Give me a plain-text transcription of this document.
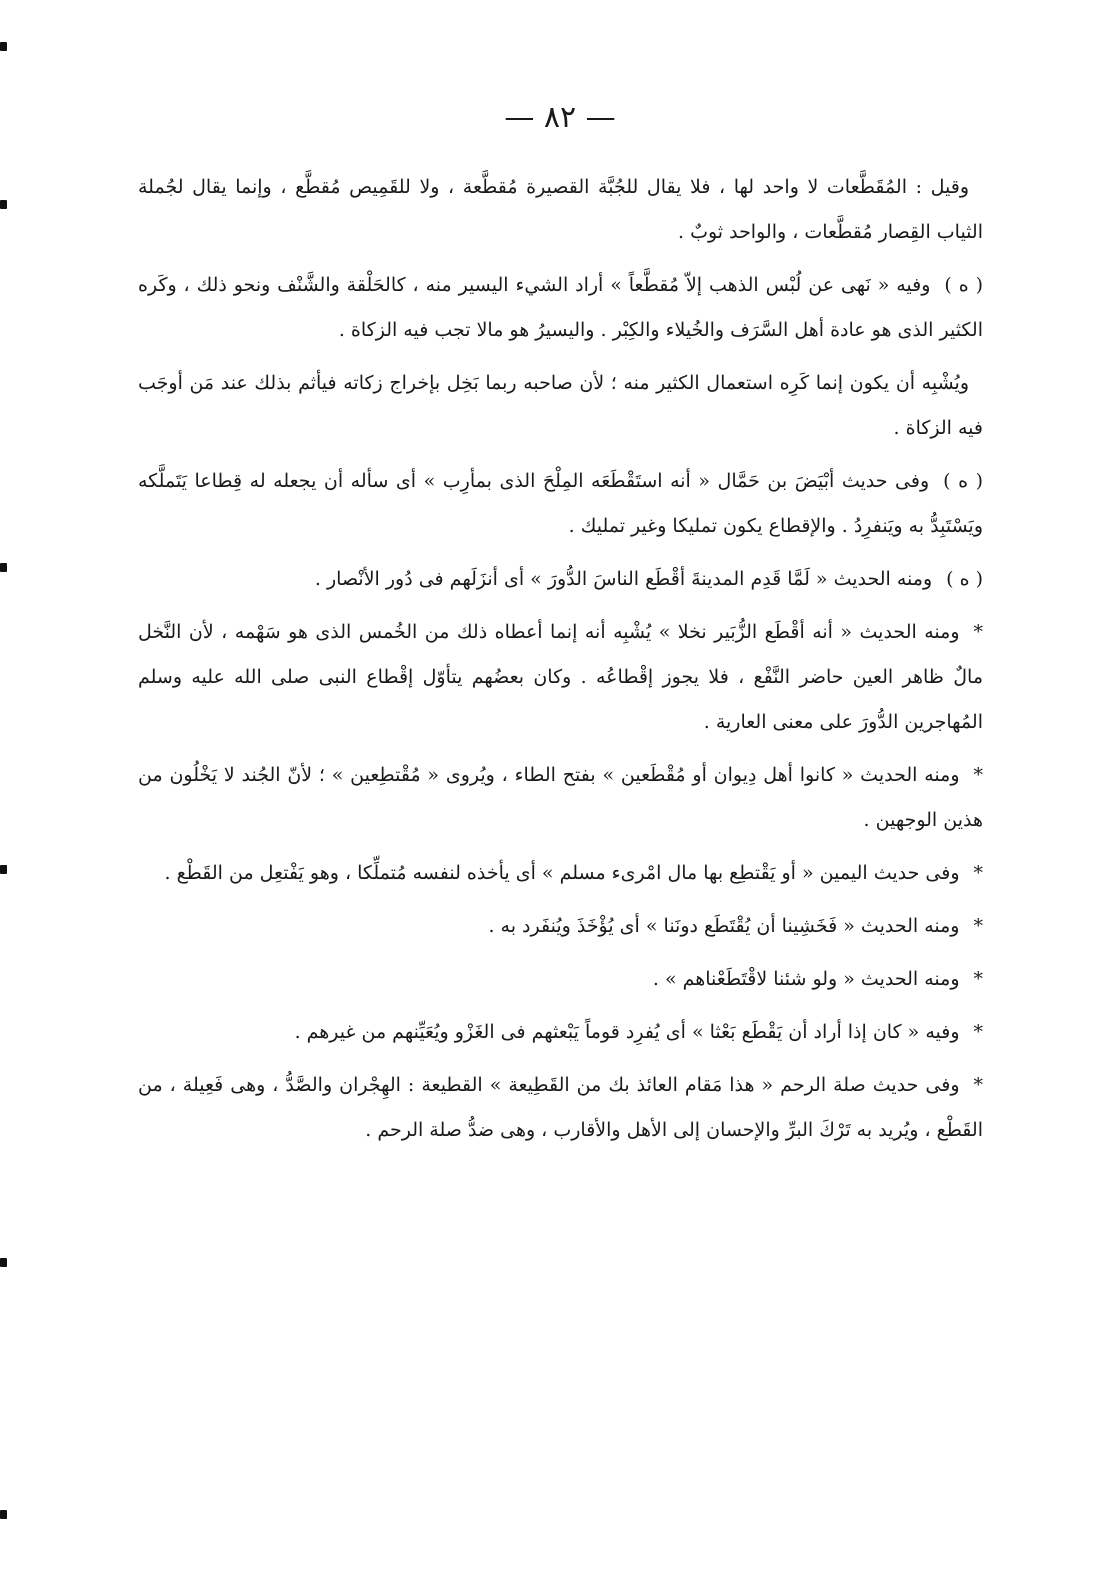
— ٨٢ —

وقيل : المُقَطَّعات لا واحد لها ، فلا يقال للجُبَّة القصيرة مُقطَّعة ، ولا للقَمِيص مُقطَّع ، وإنما يقال لجُملة الثياب القِصار مُقطَّعات ، والواحد ثوبٌ .

( ه )وفيه « نَهى عن لُبْس الذهب إلاّ مُقطَّعاً » أراد الشيء اليسير منه ، كالحَلْقة والشَّنْف ونحو ذلك ، وكَره الكثير الذى هو عادة أهل السَّرَف والخُيلاء والكِبْر . واليسيرُ هو مالا تجب فيه الزكاة .

ويُشْبِه أن يكون إنما كَرِه استعمال الكثير منه ؛ لأن صاحبه ربما بَخِل بإخراج زكاته فيأثم بذلك عند مَن أوجَب فيه الزكاة .

( ه )وفى حديث أبْيَضَ بن حَمَّال « أنه استَقْطَعَه المِلْحَ الذى بمأرِب » أى سأله أن يجعله له قِطاعا يَتَملَّكه ويَسْتَبِدُّ به ويَنفرِدُ . والإقطاع يكون تمليكا وغير تمليك .

( ه )ومنه الحديث « لَمَّا قَدِم المدينةَ أقْطَع الناسَ الدُّورَ » أى أنزَلَهم فى دُور الأنْصار .

*ومنه الحديث « أنه أقْطَع الزُّبَير نخلا » يُشْبِه أنه إنما أعطاه ذلك من الخُمس الذى هو سَهْمه ، لأن النَّخل مالٌ ظاهر العين حاضر النَّفْع ، فلا يجوز إقْطاعُه . وكان بعضُهم يتأوّل إقْطاع النبى صلى الله عليه وسلم المُهاجرين الدُّورَ على معنى العارية .

*ومنه الحديث « كانوا أهل دِيوان أو مُقْطَعين » بفتح الطاء ، ويُروى « مُقْتطِعين » ؛ لأنّ الجُند لا يَخْلُون من هذين الوجهين .

*وفى حديث اليمين « أو يَقْتطِع بها مال امْرىء مسلم » أى يأخذه لنفسه مُتملِّكا ، وهو يَفْتعِل من القَطْع .

*ومنه الحديث « فَخَشِينا أن يُقْتَطَع دونَنا » أى يُؤْخَذَ ويُنفَرد به .

*ومنه الحديث « ولو شئنا لاقْتَطَعْناهم » .

*وفيه « كان إذا أراد أن يَقْطَع بَعْثا » أى يُفرِد قوماً يَبْعثهم فى الغَزْو ويُعَيِّنهم من غيرهم .

*وفى حديث صلة الرحم « هذا مَقام العائذ بك من القَطِيعة » القطيعة : الهِجْران والصَّدُّ ، وهى فَعِيلة ، من القَطْع ، ويُريد به تَرْكَ البرِّ والإحسان إلى الأهل والأقارب ، وهى ضدُّ صلة الرحم .
